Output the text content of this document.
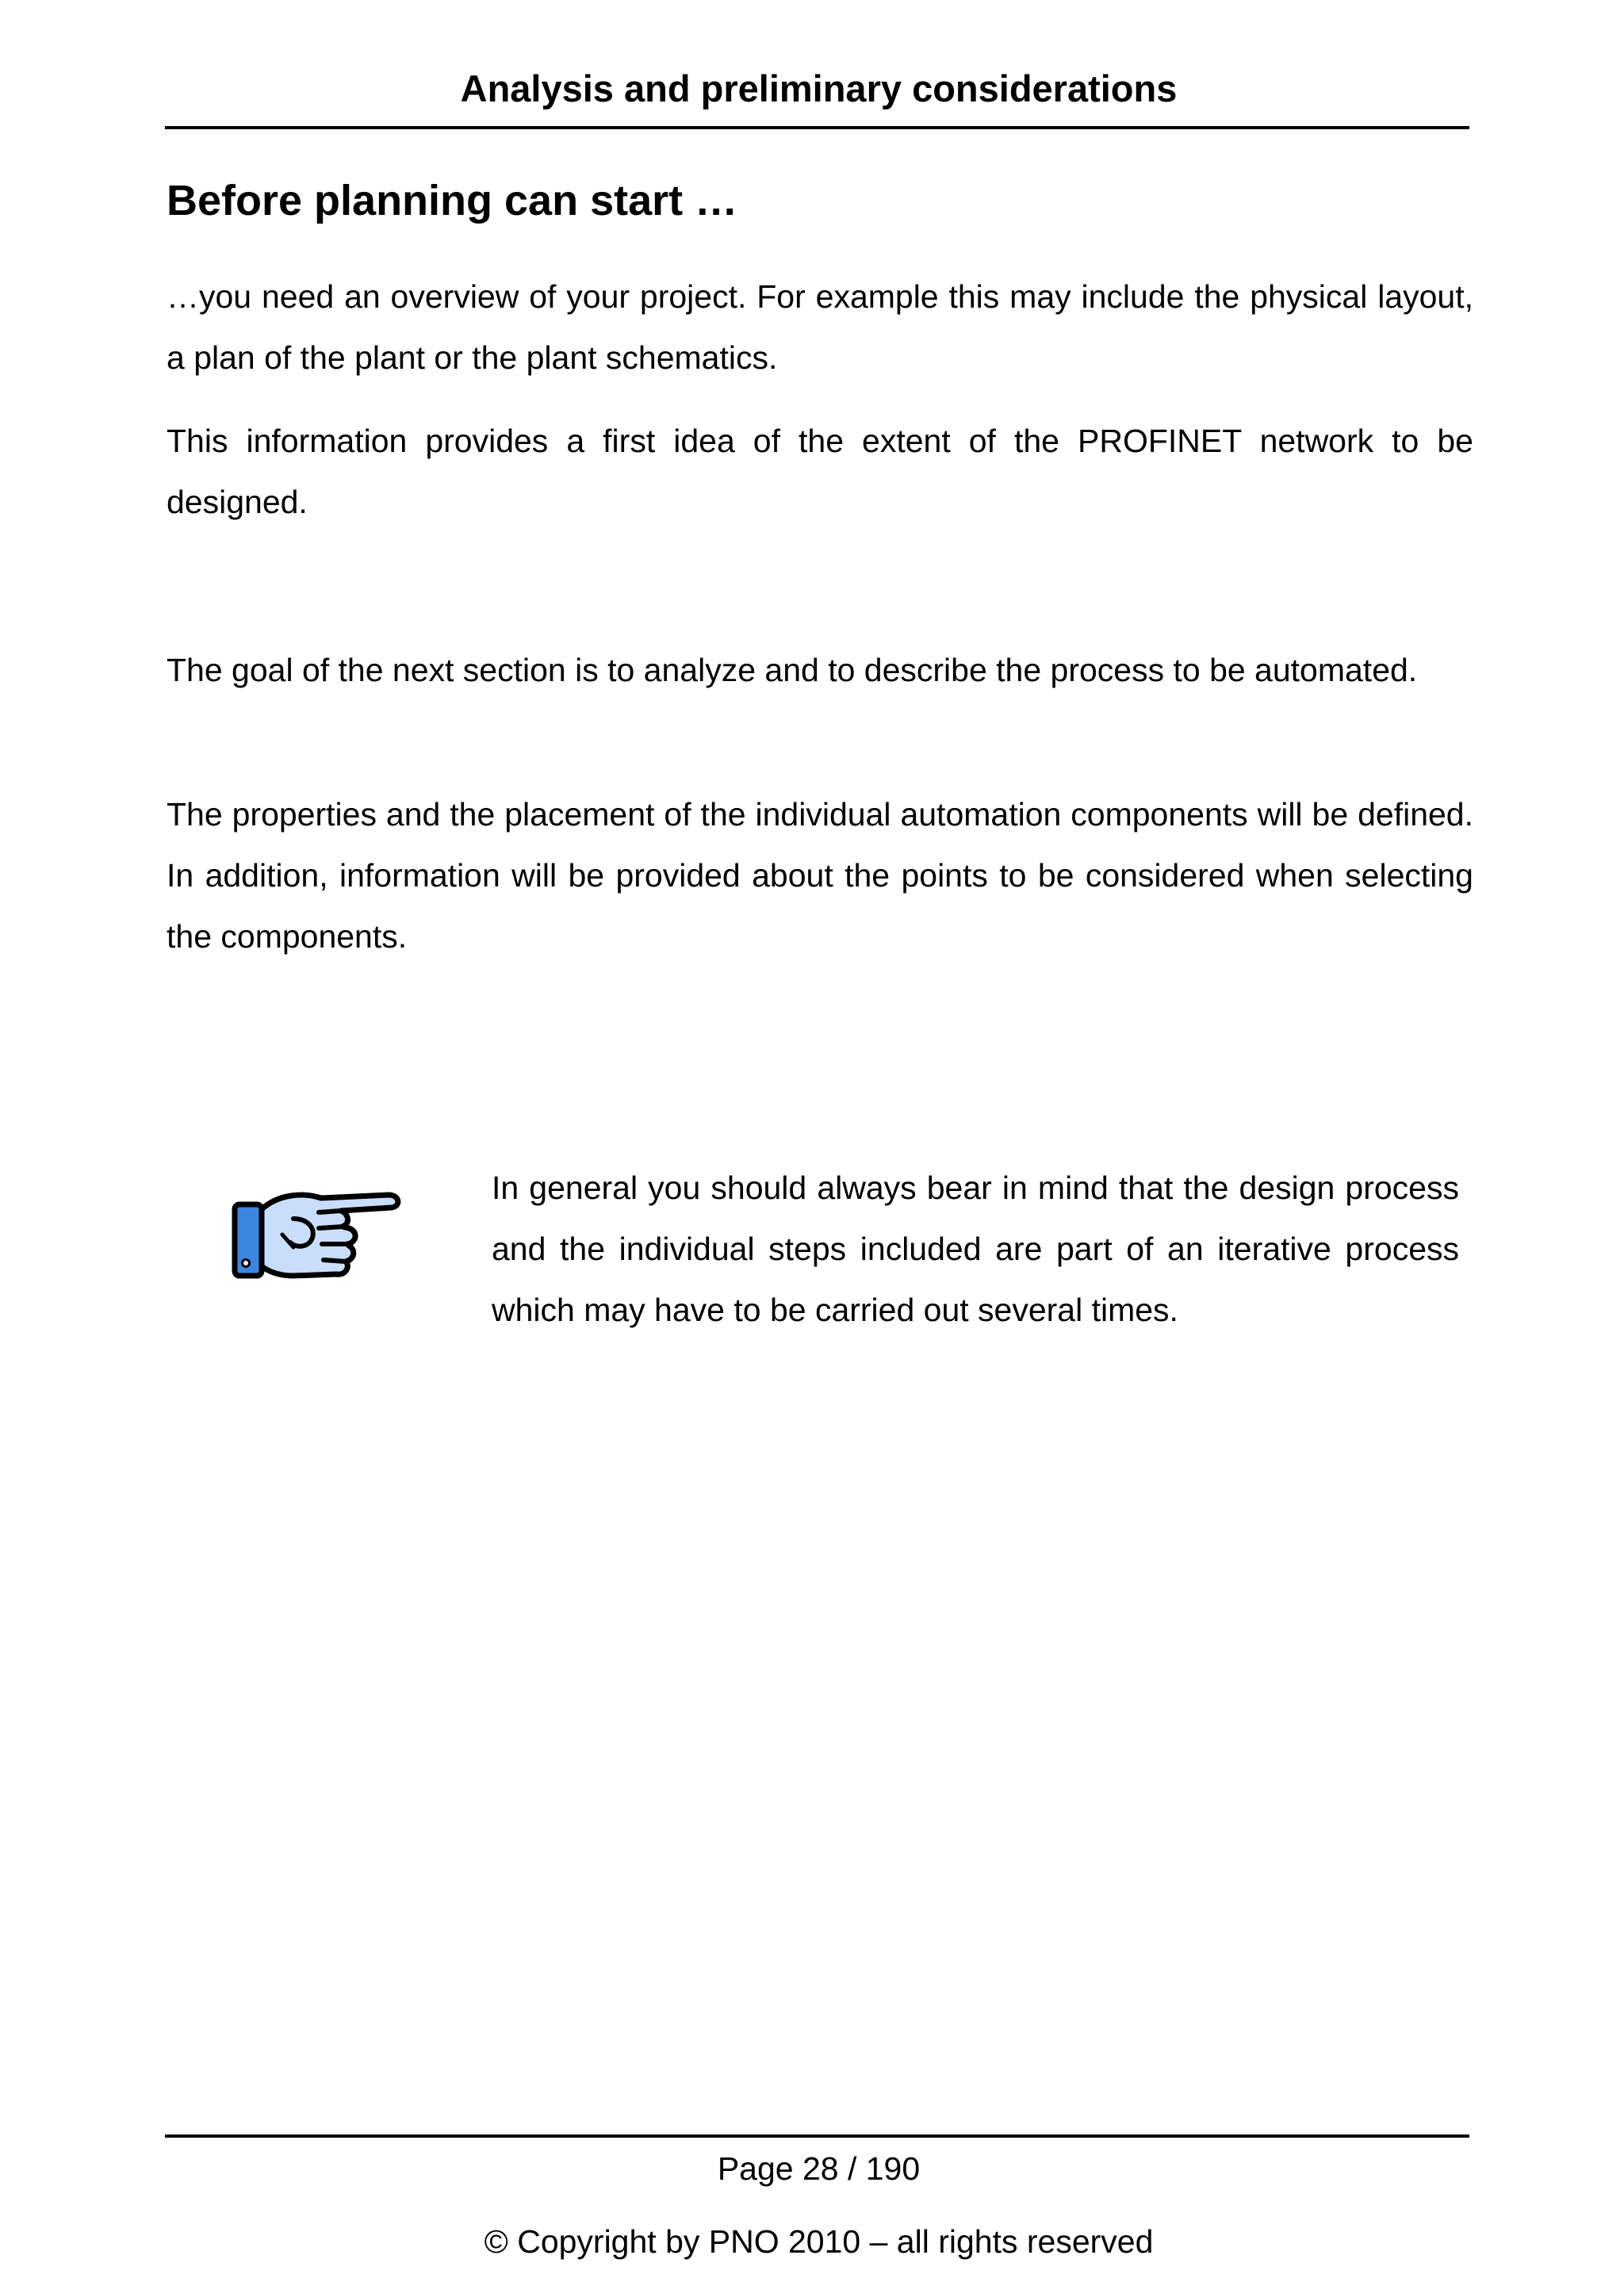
Analysis and preliminary considerations
Before planning can start …

…you need an overview of your project. For example this may include the physical layout, a plan of the plant or the plant schematics.

This information provides a first idea of the extent of the PROFINET network to be designed.

The goal of the next section is to analyze and to describe the process to be automated.

The properties and the placement of the individual automation components will be defined. In addition, information will be provided about the points to be considered when selecting the components.

In general you should always bear in mind that the design process and the individual steps included are part of an iterative process which may have to be carried out several times.

Page 28 / 190
© Copyright by PNO 2010 – all rights reserved
